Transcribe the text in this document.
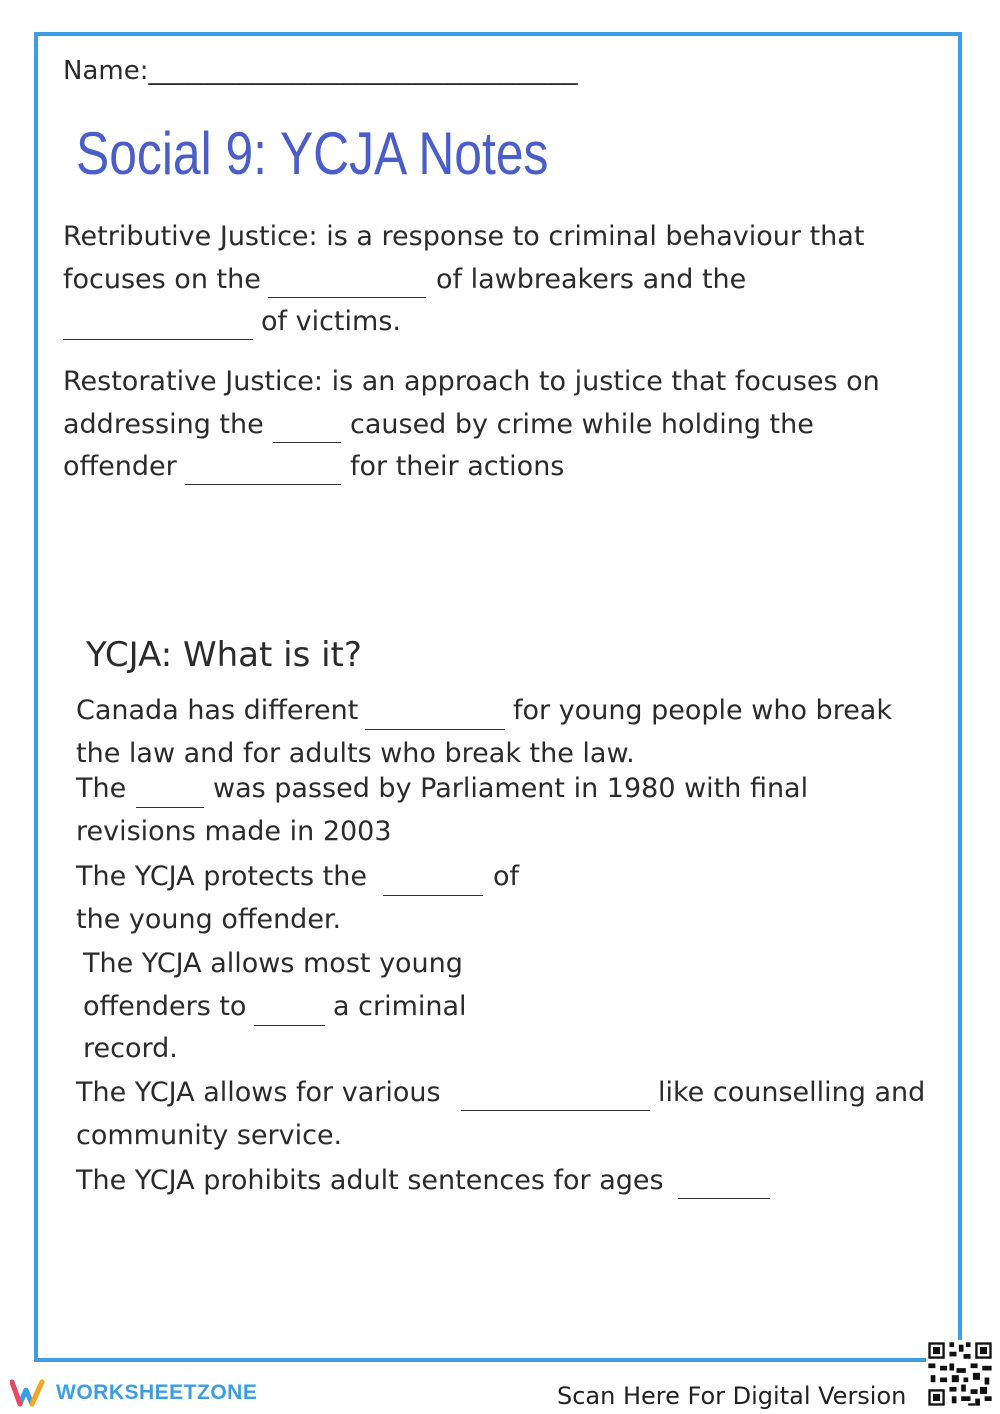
Name:_________________________________
Social 9: YCJA Notes
Retributive Justice: is a response to criminal behaviour that
focuses on the	of lawbreakers and the
of victims.
Restorative Justice: is an approach to justice that focuses on
addressing the	caused by crime while holding the
offender	for their actions
YCJA: What is it?
Canada has different	for young people who break
the law and for adults who break the law.
The	was passed by Parliament in 1980 with final
revisions made in 2003
The YCJA protects the	of
the young offender.
The YCJA allows most young
offenders to	a criminal
record.
The YCJA allows for various	like counselling and
community service.
The YCJA prohibits adult sentences for ages
WORKSHEETZONE	Scan Here For Digital Version
